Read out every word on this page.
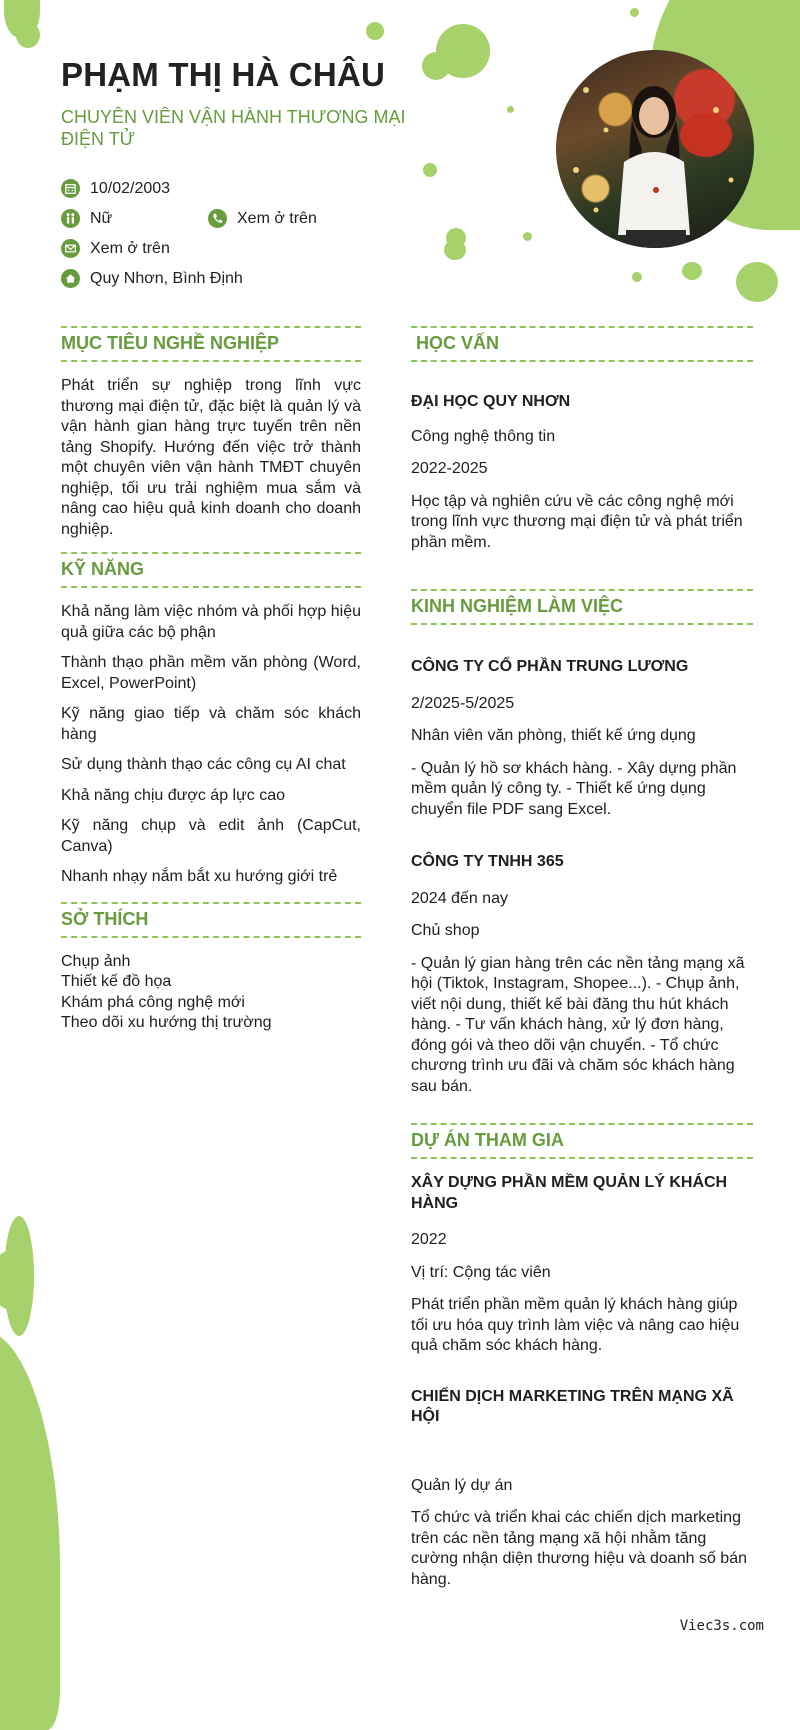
PHẠM THỊ HÀ CHÂU

CHUYÊN VIÊN VẬN HÀNH THƯƠNG MẠI ĐIỆN TỬ

10/02/2003
Nữ	Xem ở trên
Xem ở trên
Quy Nhơn, Bình Định
MỤC TIÊU NGHỀ NGHIỆP

Phát triển sự nghiệp trong lĩnh vực thương mại điện tử, đặc biệt là quản lý và vận hành gian hàng trực tuyến trên nền tảng Shopify. Hướng đến việc trở thành một chuyên viên vận hành TMĐT chuyên nghiệp, tối ưu trải nghiệm mua sắm và nâng cao hiệu quả kinh doanh cho doanh nghiệp.

KỸ NĂNG

Khả năng làm việc nhóm và phối hợp hiệu quả giữa các bộ phận

Thành thạo phần mềm văn phòng (Word, Excel, PowerPoint)

Kỹ năng giao tiếp và chăm sóc khách hàng

Sử dụng thành thạo các công cụ AI chat

Khả năng chịu được áp lực cao

Kỹ năng chụp và edit ảnh (CapCut, Canva)

Nhanh nhạy nắm bắt xu hướng giới trẻ

SỞ THÍCH

Chụp ảnh

Thiết kế đồ họa

Khám phá công nghệ mới

Theo dõi xu hướng thị trường

HỌC VẤN

ĐẠI HỌC QUY NHƠN

Công nghệ thông tin

2022-2025

Học tập và nghiên cứu về các công nghệ mới trong lĩnh vực thương mại điện tử và phát triển phần mềm.

KINH NGHIỆM LÀM VIỆC

CÔNG TY CỔ PHẦN TRUNG LƯƠNG

2/2025-5/2025

Nhân viên văn phòng, thiết kế ứng dụng

- Quản lý hồ sơ khách hàng. - Xây dựng phần mềm quản lý công ty. - Thiết kế ứng dụng chuyển file PDF sang Excel.

CÔNG TY TNHH 365

2024 đến nay

Chủ shop

- Quản lý gian hàng trên các nền tảng mạng xã hội (Tiktok, Instagram, Shopee...). - Chụp ảnh, viết nội dung, thiết kế bài đăng thu hút khách hàng. - Tư vấn khách hàng, xử lý đơn hàng, đóng gói và theo dõi vận chuyển. - Tổ chức chương trình ưu đãi và chăm sóc khách hàng sau bán.

DỰ ÁN THAM GIA

XÂY DỰNG PHẦN MỀM QUẢN LÝ KHÁCH HÀNG

2022

Vị trí: Cộng tác viên

Phát triển phần mềm quản lý khách hàng giúp tối ưu hóa quy trình làm việc và nâng cao hiệu quả chăm sóc khách hàng.

CHIẾN DỊCH MARKETING TRÊN MẠNG XÃ HỘI

Quản lý dự án

Tổ chức và triển khai các chiến dịch marketing trên các nền tảng mạng xã hội nhằm tăng cường nhận diện thương hiệu và doanh số bán hàng.

Viec3s.com
